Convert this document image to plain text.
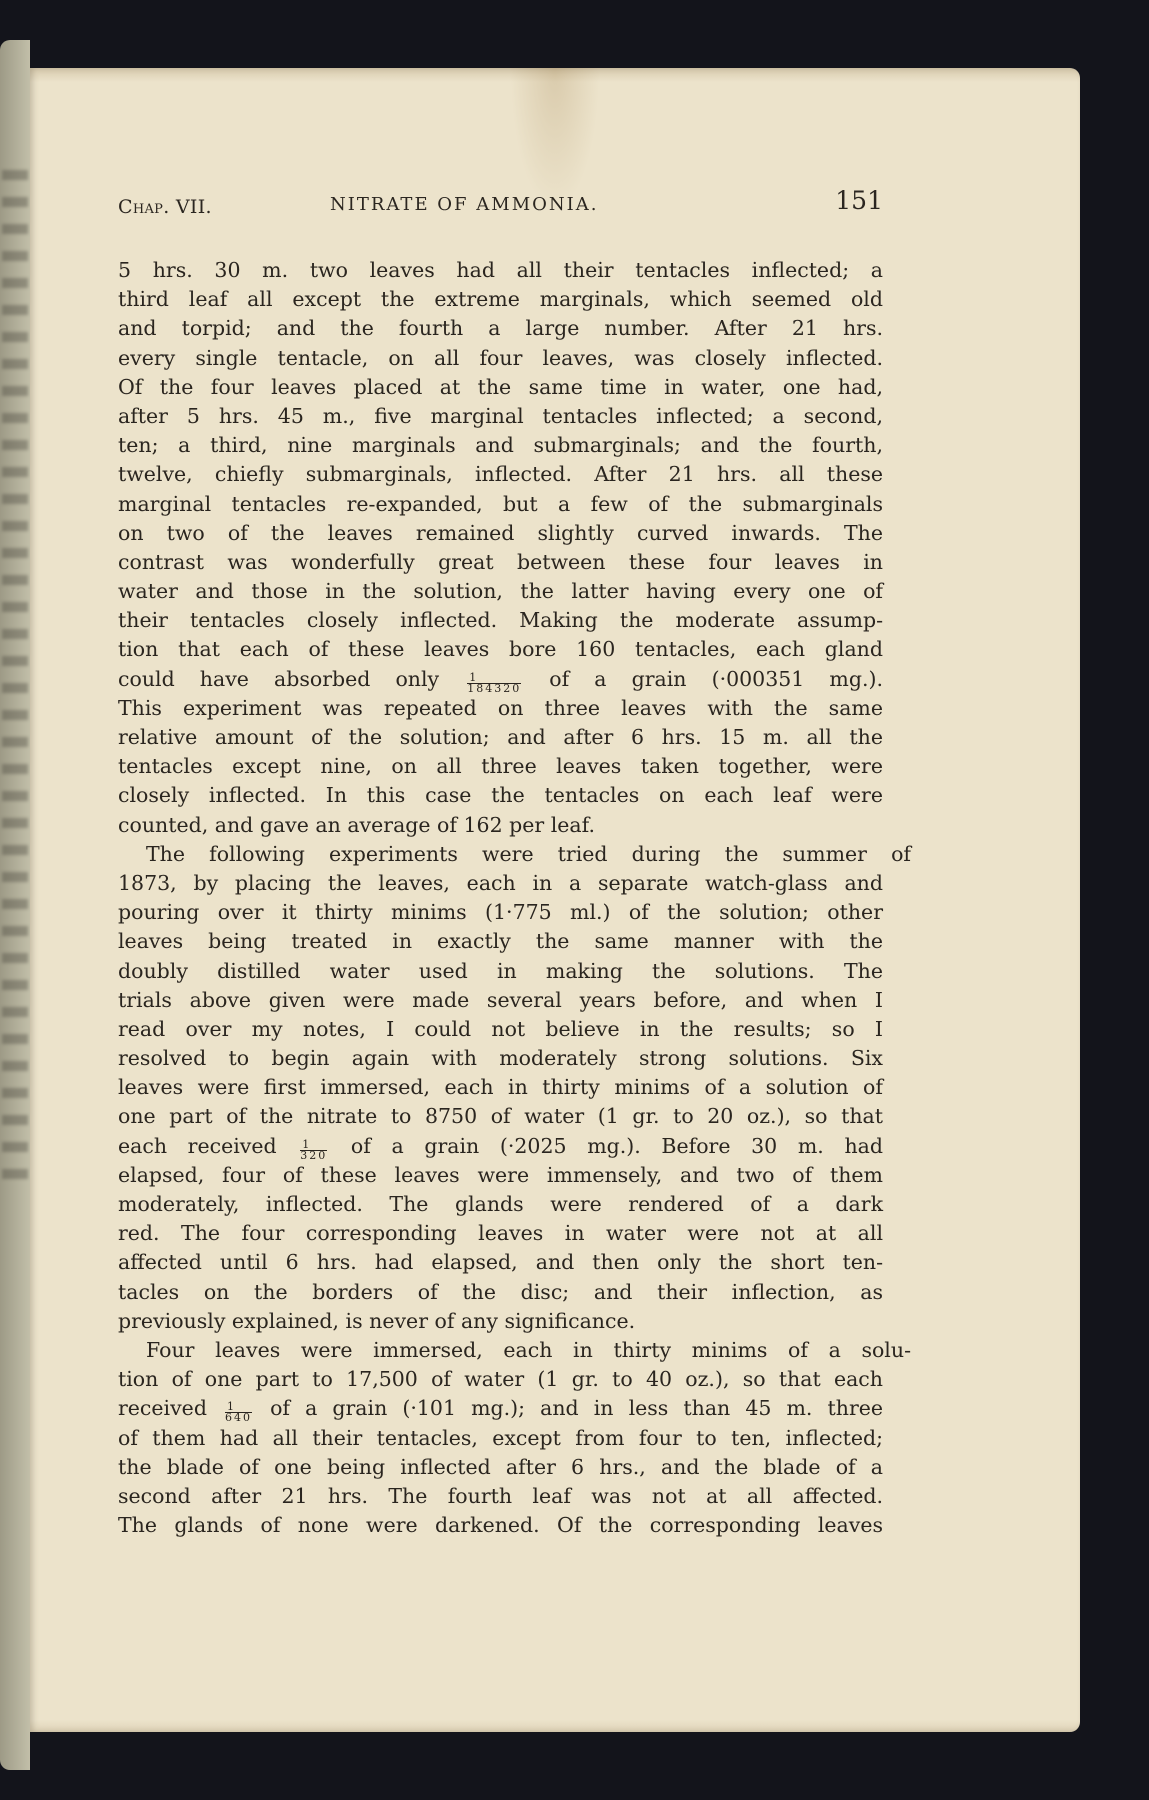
Chap. VII.	NITRATE OF AMMONIA.	151
5 hrs. 30 m. two leaves had all their tentacles inflected; a
third leaf all except the extreme marginals, which seemed old
and torpid; and the fourth a large number. After 21 hrs.
every single tentacle, on all four leaves, was closely inflected.
Of the four leaves placed at the same time in water, one had,
after 5 hrs. 45 m., five marginal tentacles inflected; a second,
ten; a third, nine marginals and submarginals; and the fourth,
twelve, chiefly submarginals, inflected. After 21 hrs. all these
marginal tentacles re-expanded, but a few of the submarginals
on two of the leaves remained slightly curved inwards. The
contrast was wonderfully great between these four leaves in
water and those in the solution, the latter having every one of
their tentacles closely inflected. Making the moderate assump-
tion that each of these leaves bore 160 tentacles, each gland
could have absorbed only $\frac{1}{184320}$ of a grain (·000351 mg.).
This experiment was repeated on three leaves with the same
relative amount of the solution; and after 6 hrs. 15 m. all the
tentacles except nine, on all three leaves taken together, were
closely inflected. In this case the tentacles on each leaf were
counted, and gave an average of 162 per leaf.
The following experiments were tried during the summer of
1873, by placing the leaves, each in a separate watch-glass and
pouring over it thirty minims (1·775 ml.) of the solution; other
leaves being treated in exactly the same manner with the
doubly distilled water used in making the solutions. The
trials above given were made several years before, and when I
read over my notes, I could not believe in the results; so I
resolved to begin again with moderately strong solutions. Six
leaves were first immersed, each in thirty minims of a solution of
one part of the nitrate to 8750 of water (1 gr. to 20 oz.), so that
each received $\frac{1}{320}$ of a grain (·2025 mg.). Before 30 m. had
elapsed, four of these leaves were immensely, and two of them
moderately, inflected. The glands were rendered of a dark
red. The four corresponding leaves in water were not at all
affected until 6 hrs. had elapsed, and then only the short ten-
tacles on the borders of the disc; and their inflection, as
previously explained, is never of any significance.
Four leaves were immersed, each in thirty minims of a solu-
tion of one part to 17,500 of water (1 gr. to 40 oz.), so that each
received $\frac{1}{640}$ of a grain (·101 mg.); and in less than 45 m. three
of them had all their tentacles, except from four to ten, inflected;
the blade of one being inflected after 6 hrs., and the blade of a
second after 21 hrs. The fourth leaf was not at all affected.
The glands of none were darkened. Of the corresponding leaves
